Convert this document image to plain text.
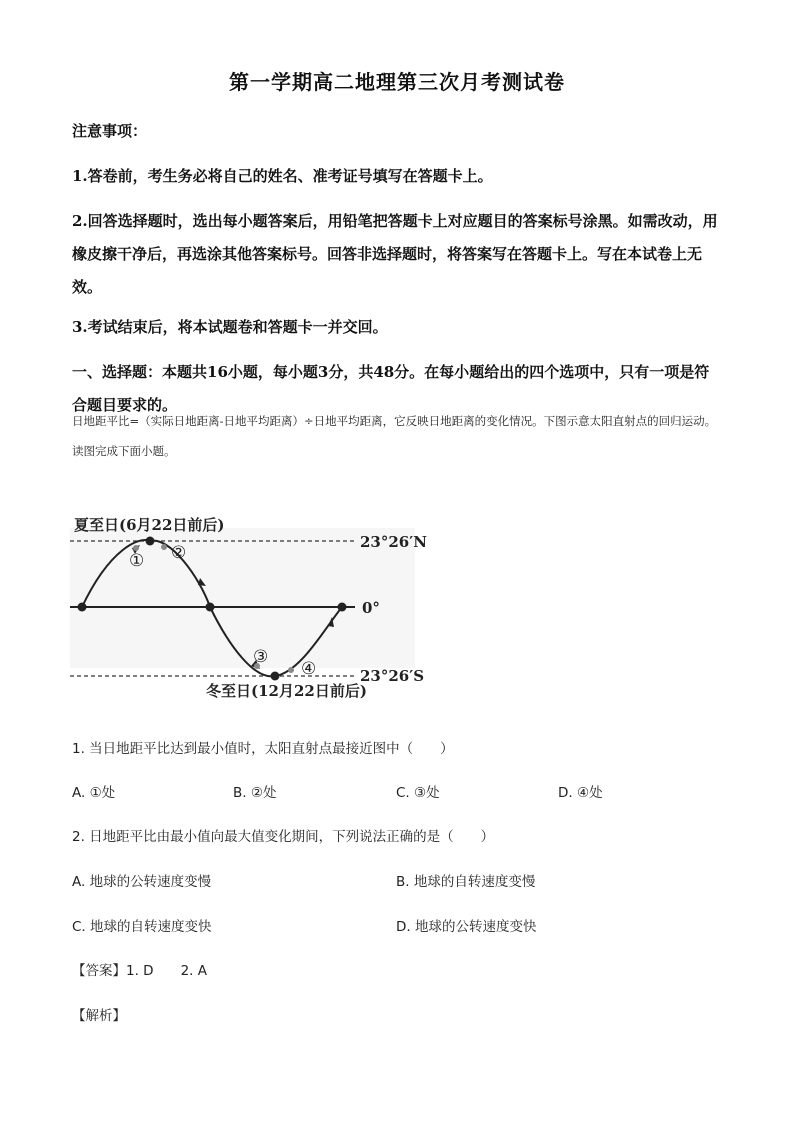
第一学期高二地理第三次月考测试卷
注意事项：
1.答卷前，考生务必将自己的姓名、准考证号填写在答题卡上。
2.回答选择题时，选出每小题答案后，用铅笔把答题卡上对应题目的答案标号涂黑。如需改动，用橡皮擦干净后，再选涂其他答案标号。回答非选择题时，将答案写在答题卡上。写在本试卷上无效。
3.考试结束后，将本试题卷和答题卡一并交回。
一、选择题：本题共16小题，每小题3分，共48分。在每小题给出的四个选项中，只有一项是符合题目要求的。
日地距平比=（实际日地距离-日地平均距离）÷日地平均距离，它反映日地距离的变化情况。下图示意太阳直射点的回归运动。读图完成下面小题。
夏至日(6月22日前后)
23°26′N
0°
23°26′S
① ②
③
④
冬至日(12月22日前后)
1. 当日地距平比达到最小值时，太阳直射点最接近图中（　　）
A. ①处	B. ②处	C. ③处	D. ④处
2. 日地距平比由最小值向最大值变化期间，下列说法正确的是（　　）
A. 地球的公转速度变慢	B. 地球的自转速度变慢
C. 地球的自转速度变快	D. 地球的公转速度变快
【答案】1. D　　2. A
【解析】
